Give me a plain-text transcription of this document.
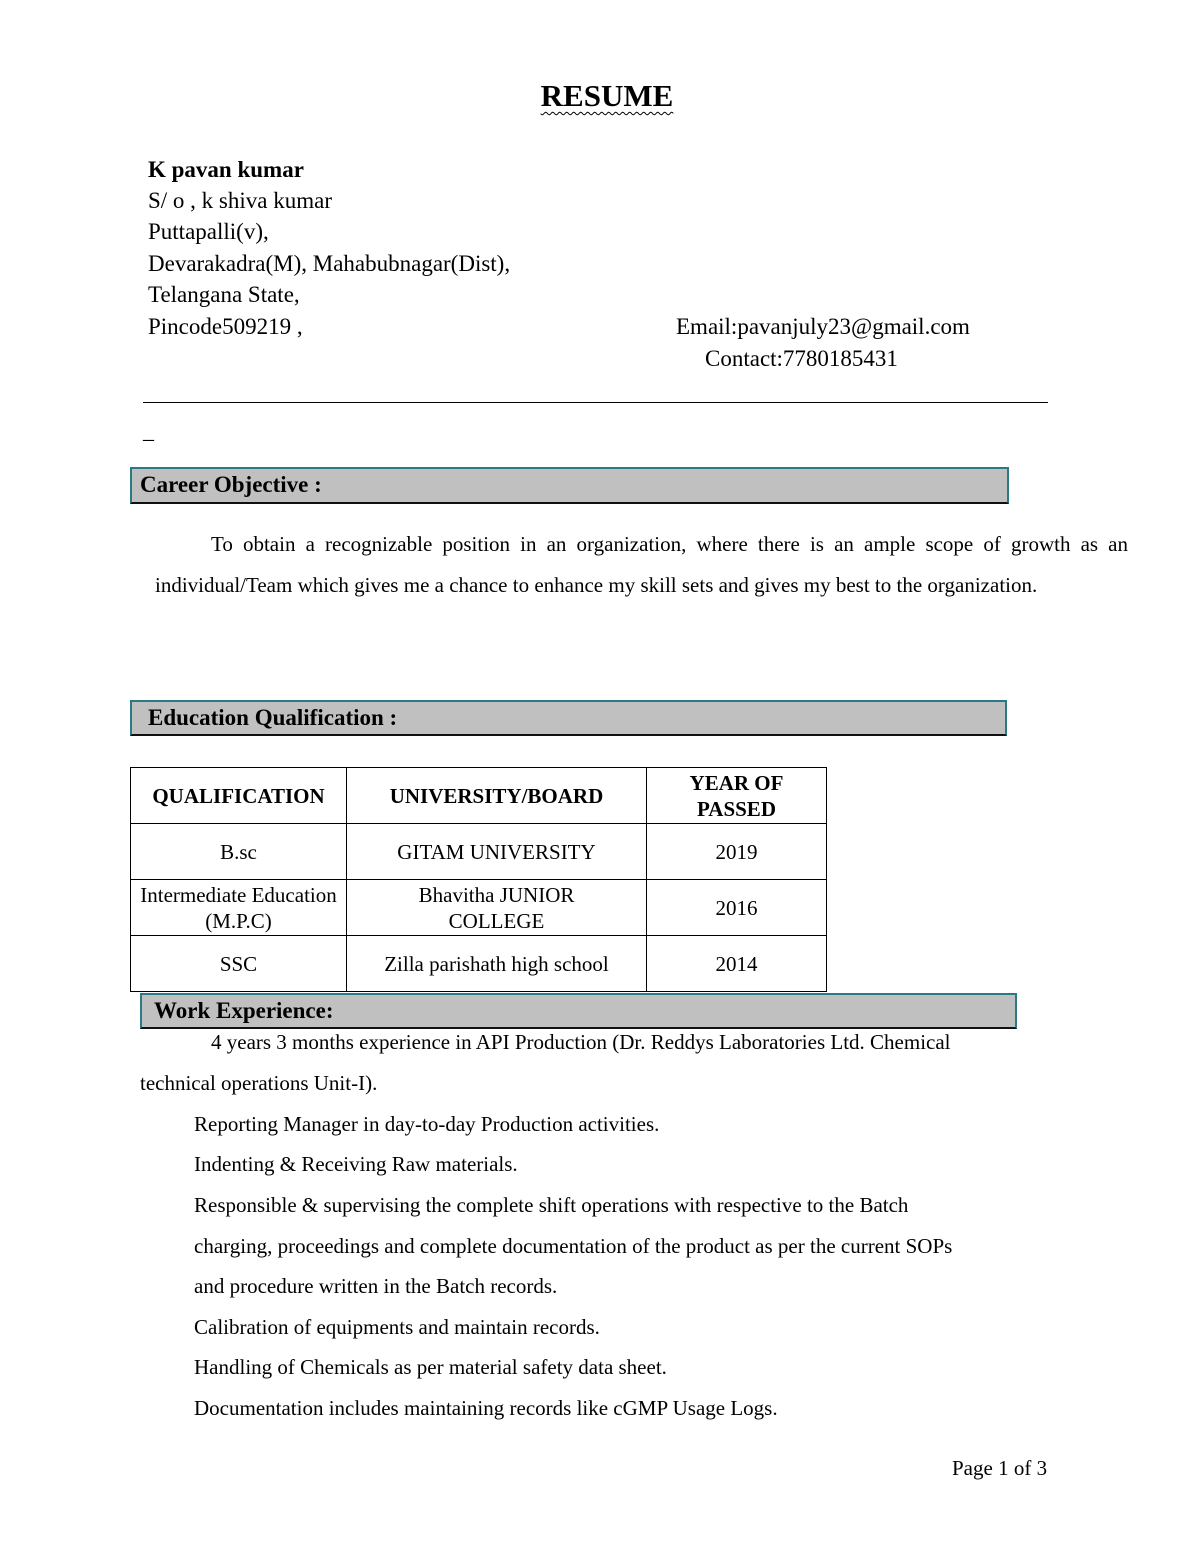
RESUME
K pavan kumar
S/ o , k shiva kumar
Puttapalli(v),
Devarakadra(M), Mahabubnagar(Dist),
Telangana State,
Pincode509219 ,	Email:pavanjuly23@gmail.com
Contact:7780185431
_
Career Objective :
To obtain a recognizable position in an organization, where there is an ample scope of growth as an individual/Team which gives me a chance to enhance my skill sets and gives my best to the organization.
Education Qualification :
QUALIFICATION	UNIVERSITY/BOARD	YEAR OF PASSED
B.sc	GITAM UNIVERSITY	2019
Intermediate Education (M.P.C)	Bhavitha JUNIOR COLLEGE	2016
SSC	Zilla parishath high school	2014
Work Experience:
4 years 3 months experience in API Production (Dr. Reddys Laboratories Ltd. Chemical
technical operations Unit-I).
Reporting Manager in day-to-day Production activities.
Indenting & Receiving Raw materials.
Responsible & supervising the complete shift operations with respective to the Batch
charging, proceedings and complete documentation of the product as per the current SOPs
and procedure written in the Batch records.
Calibration of equipments and maintain records.
Handling of Chemicals as per material safety data sheet.
Documentation includes maintaining records like cGMP Usage Logs.
Page 1 of 3
